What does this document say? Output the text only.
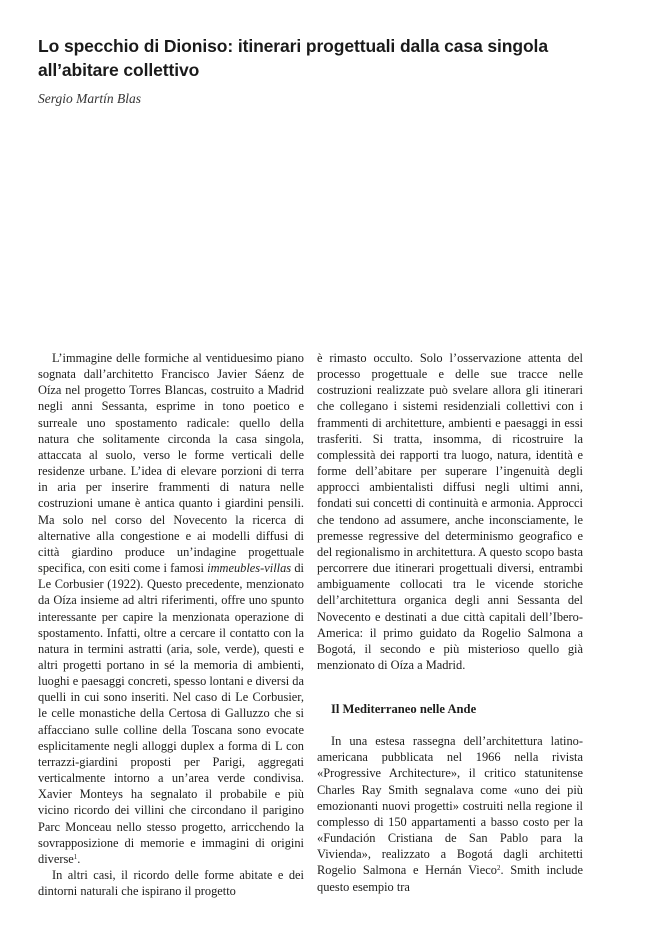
Lo specchio di Dioniso: itinerari progettuali dalla casa singola all’abitare collettivo
Sergio Martín Blas

L’immagine delle formiche al ventiduesimo piano sognata dall’architetto Francisco Javier Sáenz de Oíza nel progetto Torres Blancas, costruito a Madrid negli anni Sessanta, esprime in tono poetico e surreale uno spostamento radicale: quello della natura che solitamente circonda la casa singola, attaccata al suolo, verso le forme verticali delle residenze urbane. L’idea di elevare porzioni di terra in aria per inserire frammenti di natura nelle costruzioni umane è antica quanto i giardini pensili. Ma solo nel corso del Novecento la ricerca di alternative alla congestione e ai modelli diffusi di città giardino produce un’indagine progettuale specifica, con esiti come i famosi immeubles-villas di Le Corbusier (1922). Questo precedente, menzionato da Oíza insieme ad altri riferimenti, offre uno spunto interessante per capire la menzionata operazione di spostamento. Infatti, oltre a cercare il contatto con la natura in termini astratti (aria, sole, verde), questi e altri progetti portano in sé la memoria di ambienti, luoghi e paesaggi concreti, spesso lontani e diversi da quelli in cui sono inseriti. Nel caso di Le Corbusier, le celle monastiche della Certosa di Galluzzo che si affacciano sulle colline della Toscana sono evocate esplicitamente negli alloggi duplex a forma di L con terrazzi-giardini proposti per Parigi, aggregati verticalmente intorno a un’area verde condivisa. Xavier Monteys ha segnalato il probabile e più vicino ricordo dei villini che circondano il parigino Parc Monceau nello stesso progetto, arricchendo la sovrapposizione di memorie e immagini di origini diverse$^1$.

In altri casi, il ricordo delle forme abitate e dei dintorni naturali che ispirano il progetto

è rimasto occulto. Solo l’osservazione attenta del processo progettuale e delle sue tracce nelle costruzioni realizzate può svelare allora gli itinerari che collegano i sistemi residenziali collettivi con i frammenti di architetture, ambienti e paesaggi in essi trasferiti. Si tratta, insomma, di ricostruire la complessità dei rapporti tra luogo, natura, identità e forme dell’abitare per superare l’ingenuità degli approcci ambientalisti diffusi negli ultimi anni, fondati sui concetti di continuità e armonia. Approcci che tendono ad assumere, anche inconsciamente, le premesse regressive del determinismo geografico e del regionalismo in architettura. A questo scopo basta percorrere due itinerari progettuali diversi, entrambi ambiguamente collocati tra le vicende storiche dell’architettura organica degli anni Sessanta del Novecento e destinati a due città capitali dell’Ibero-America: il primo guidato da Rogelio Salmona a Bogotá, il secondo e più misterioso quello già menzionato di Oíza a Madrid.

Il Mediterraneo nelle Ande

In una estesa rassegna dell’architettura latino-americana pubblicata nel 1966 nella rivista «Progressive Architecture», il critico statunitense Charles Ray Smith segnalava come «uno dei più emozionanti nuovi progetti» costruiti nella regione il complesso di 150 appartamenti a basso costo per la «Fundación Cristiana de San Pablo para la Vivienda», realizzato a Bogotá dagli architetti Rogelio Salmona e Hernán Vieco$^2$. Smith include questo esempio tra
